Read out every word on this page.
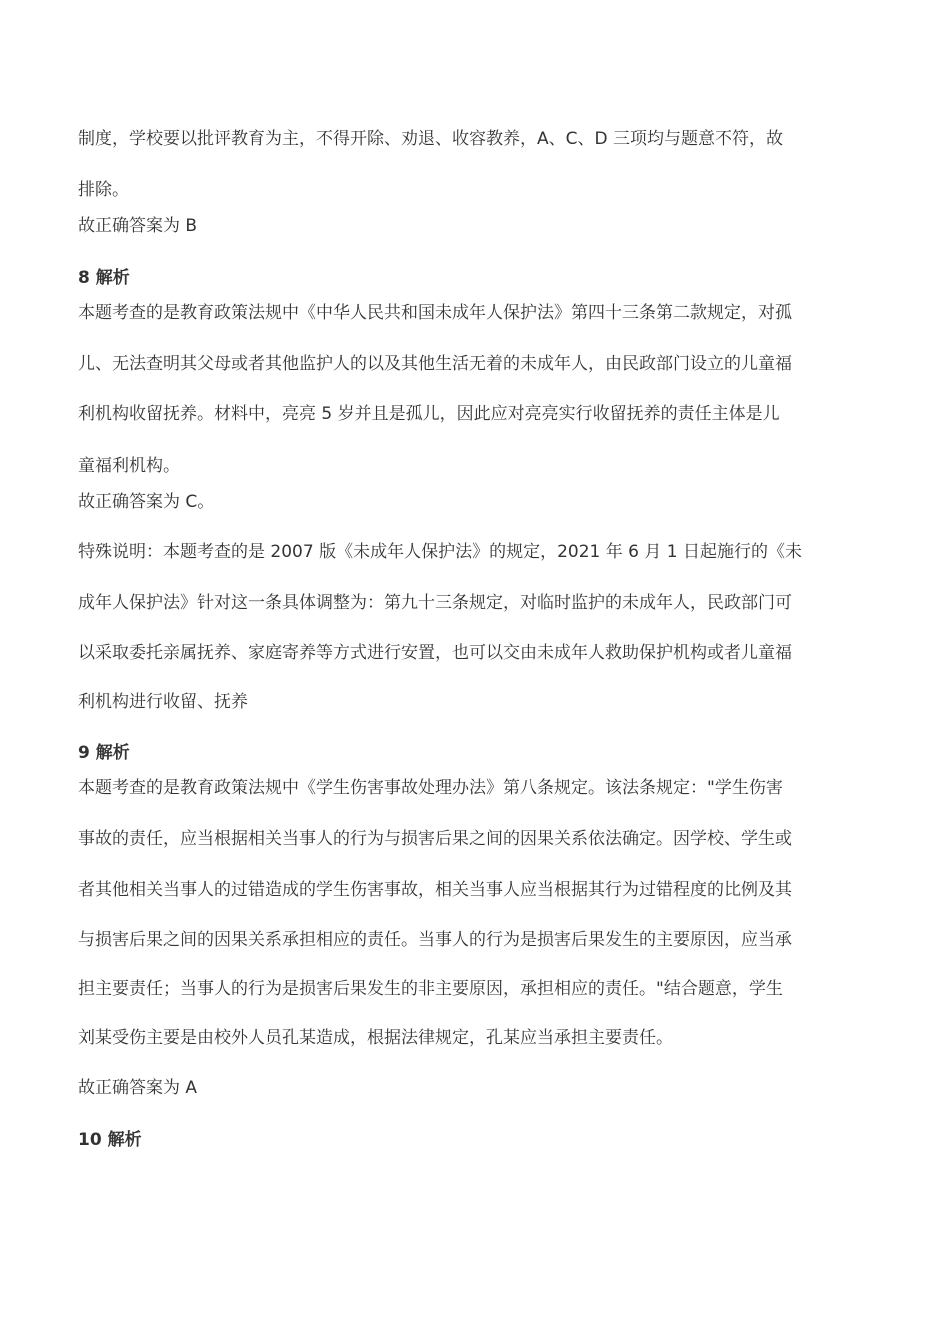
制度，学校要以批评教育为主，不得开除、劝退、收容教养，A、C、D 三项均与题意不符，故
排除。
故正确答案为 B
8 解析
本题考查的是教育政策法规中《中华人民共和国未成年人保护法》第四十三条第二款规定，对孤
儿、无法查明其父母或者其他监护人的以及其他生活无着的未成年人，由民政部门设立的儿童福
利机构收留抚养。材料中，亮亮 5 岁并且是孤儿，因此应对亮亮实行收留抚养的责任主体是儿
童福利机构。
故正确答案为 C。
特殊说明：本题考查的是 2007 版《未成年人保护法》的规定，2021 年 6 月 1 日起施行的《未
成年人保护法》针对这一条具体调整为：第九十三条规定，对临时监护的未成年人，民政部门可
以采取委托亲属抚养、家庭寄养等方式进行安置，也可以交由未成年人救助保护机构或者儿童福
利机构进行收留、抚养
9 解析
本题考查的是教育政策法规中《学生伤害事故处理办法》第八条规定。该法条规定："学生伤害
事故的责任，应当根据相关当事人的行为与损害后果之间的因果关系依法确定。因学校、学生或
者其他相关当事人的过错造成的学生伤害事故，相关当事人应当根据其行为过错程度的比例及其
与损害后果之间的因果关系承担相应的责任。当事人的行为是损害后果发生的主要原因，应当承
担主要责任；当事人的行为是损害后果发生的非主要原因，承担相应的责任。"结合题意，学生
刘某受伤主要是由校外人员孔某造成，根据法律规定，孔某应当承担主要责任。
故正确答案为 A
10 解析
